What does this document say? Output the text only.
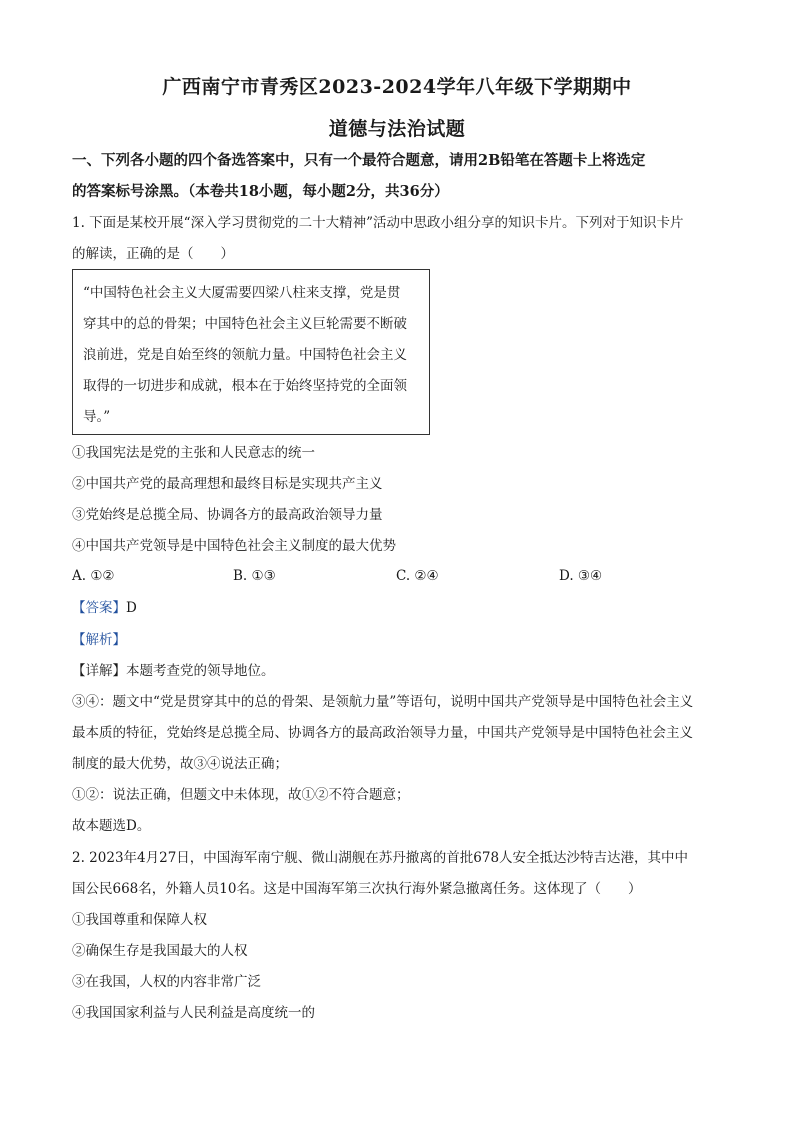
广西南宁市青秀区2023-2024学年八年级下学期期中
道德与法治试题
一、下列各小题的四个备选答案中，只有一个最符合题意，请用2B铅笔在答题卡上将选定
的答案标号涂黑。（本卷共18小题，每小题2分，共36分）
1. 下面是某校开展“深入学习贯彻党的二十大精神”活动中思政小组分享的知识卡片。下列对于知识卡片
的解读，正确的是（　　）
“中国特色社会主义大厦需要四梁八柱来支撑，党是贯
穿其中的总的骨架；中国特色社会主义巨轮需要不断破
浪前进，党是自始至终的领航力量。中国特色社会主义
取得的一切进步和成就，根本在于始终坚持党的全面领
导。”
①我国宪法是党的主张和人民意志的统一
②中国共产党的最高理想和最终目标是实现共产主义
③党始终是总揽全局、协调各方的最高政治领导力量
④中国共产党领导是中国特色社会主义制度的最大优势
A. ①②	B. ①③	C. ②④	D. ③④
【答案】D
【解析】
【详解】本题考查党的领导地位。
③④：题文中“党是贯穿其中的总的骨架、是领航力量”等语句，说明中国共产党领导是中国特色社会主义
最本质的特征，党始终是总揽全局、协调各方的最高政治领导力量，中国共产党领导是中国特色社会主义
制度的最大优势，故③④说法正确；
①②：说法正确，但题文中未体现，故①②不符合题意；
故本题选D。
2. 2023年4月27日，中国海军南宁舰、微山湖舰在苏丹撤离的首批678人安全抵达沙特吉达港，其中中
国公民668名，外籍人员10名。这是中国海军第三次执行海外紧急撤离任务。这体现了（　　）
①我国尊重和保障人权
②确保生存是我国最大的人权
③在我国，人权的内容非常广泛
④我国国家利益与人民利益是高度统一的
